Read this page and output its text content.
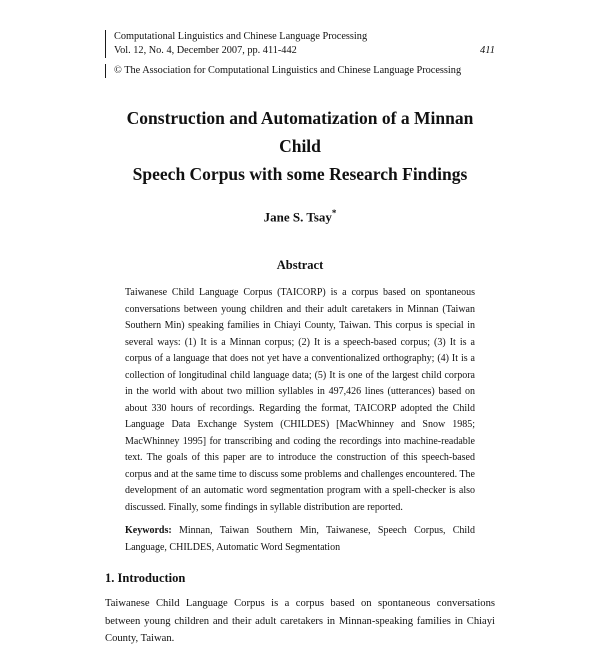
Computational Linguistics and Chinese Language Processing
Vol. 12, No. 4, December 2007, pp. 411-442	411
© The Association for Computational Linguistics and Chinese Language Processing
Construction and Automatization of a Minnan Child
Speech Corpus with some Research Findings
Jane S. Tsay*
Abstract
Taiwanese Child Language Corpus (TAICORP) is a corpus based on spontaneous conversations between young children and their adult caretakers in Minnan (Taiwan Southern Min) speaking families in Chiayi County, Taiwan. This corpus is special in several ways: (1) It is a Minnan corpus; (2) It is a speech-based corpus; (3) It is a corpus of a language that does not yet have a conventionalized orthography; (4) It is a collection of longitudinal child language data; (5) It is one of the largest child corpora in the world with about two million syllables in 497,426 lines (utterances) based on about 330 hours of recordings. Regarding the format, TAICORP adopted the Child Language Data Exchange System (CHILDES) [MacWhinney and Snow 1985; MacWhinney 1995] for transcribing and coding the recordings into machine-readable text. The goals of this paper are to introduce the construction of this speech-based corpus and at the same time to discuss some problems and challenges encountered. The development of an automatic word segmentation program with a spell-checker is also discussed. Finally, some findings in syllable distribution are reported.
Keywords: Minnan, Taiwan Southern Min, Taiwanese, Speech Corpus, Child Language, CHILDES, Automatic Word Segmentation
1. Introduction
Taiwanese Child Language Corpus is a corpus based on spontaneous conversations between young children and their adult caretakers in Minnan-speaking families in Chiayi County, Taiwan.
